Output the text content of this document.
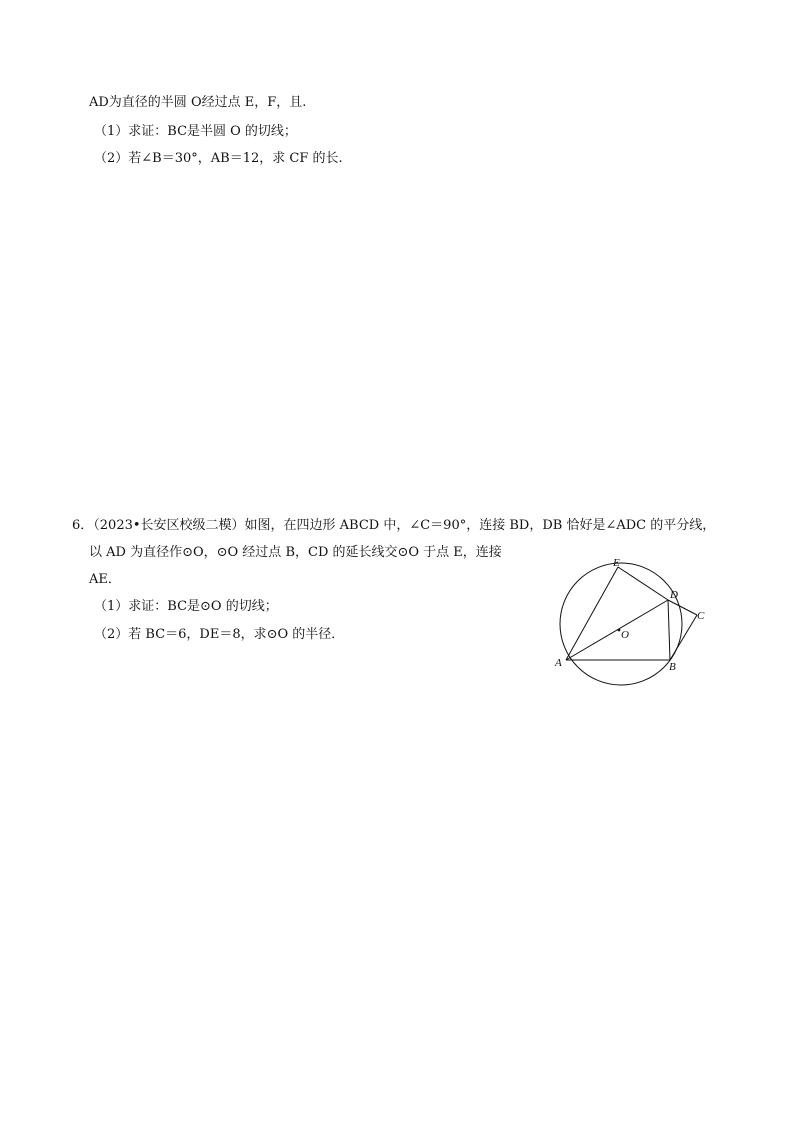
AD为直径的半圆 O经过点 E，F，且.
（1）求证：BC是半圆 O 的切线；
（2）若∠B＝30°，AB＝12，求 CF 的长.
6．（2023•长安区校级二模）如图，在四边形 ABCD 中，∠C＝90°，连接 BD，DB 恰好是∠ADC 的平分线，
以 AD 为直径作⊙O，⊙O 经过点 B，CD 的延长线交⊙O 于点 E，连接
AE．
（1）求证：BC是⊙O 的切线；
（2）若 BC＝6，DE＝8，求⊙O 的半径．
E
D
C
O
A	B
